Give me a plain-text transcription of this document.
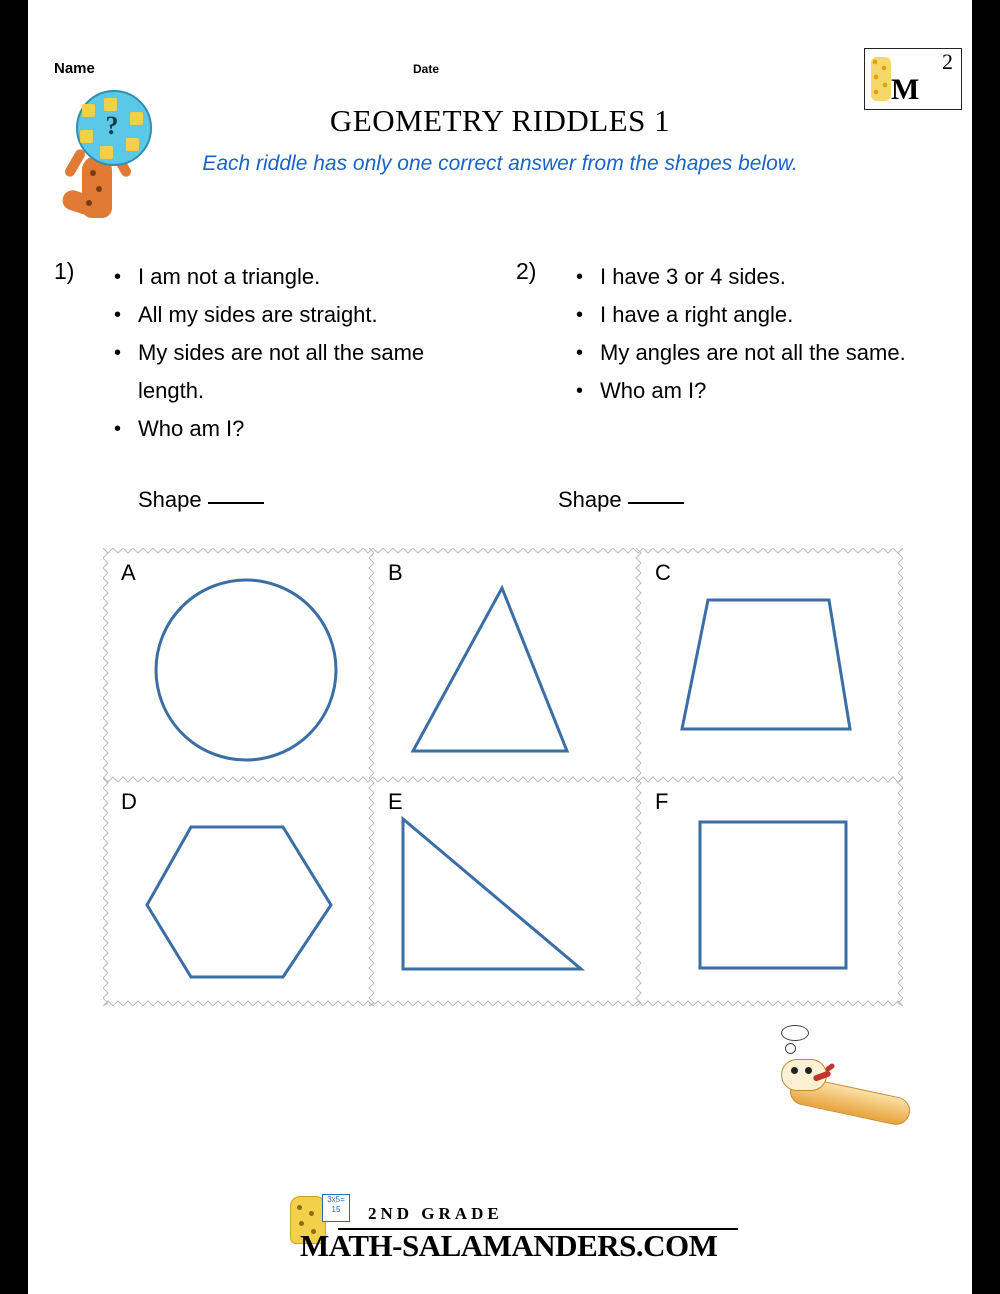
Name	Date
GEOMETRY RIDDLES 1
Each riddle has only one correct answer from the shapes below.
2
M
?
1)	• I am not a triangle.
• All my sides are straight.
• My sides are not all the same length.
• Who am I?
Shape
2)	• I have 3 or 4 sides.
• I have a right angle.
• My angles are not all the same.
• Who am I?
Shape
A	B	C
D	E	F
3x5= 15	2ND GRADE
MATH-SALAMANDERS.COM
